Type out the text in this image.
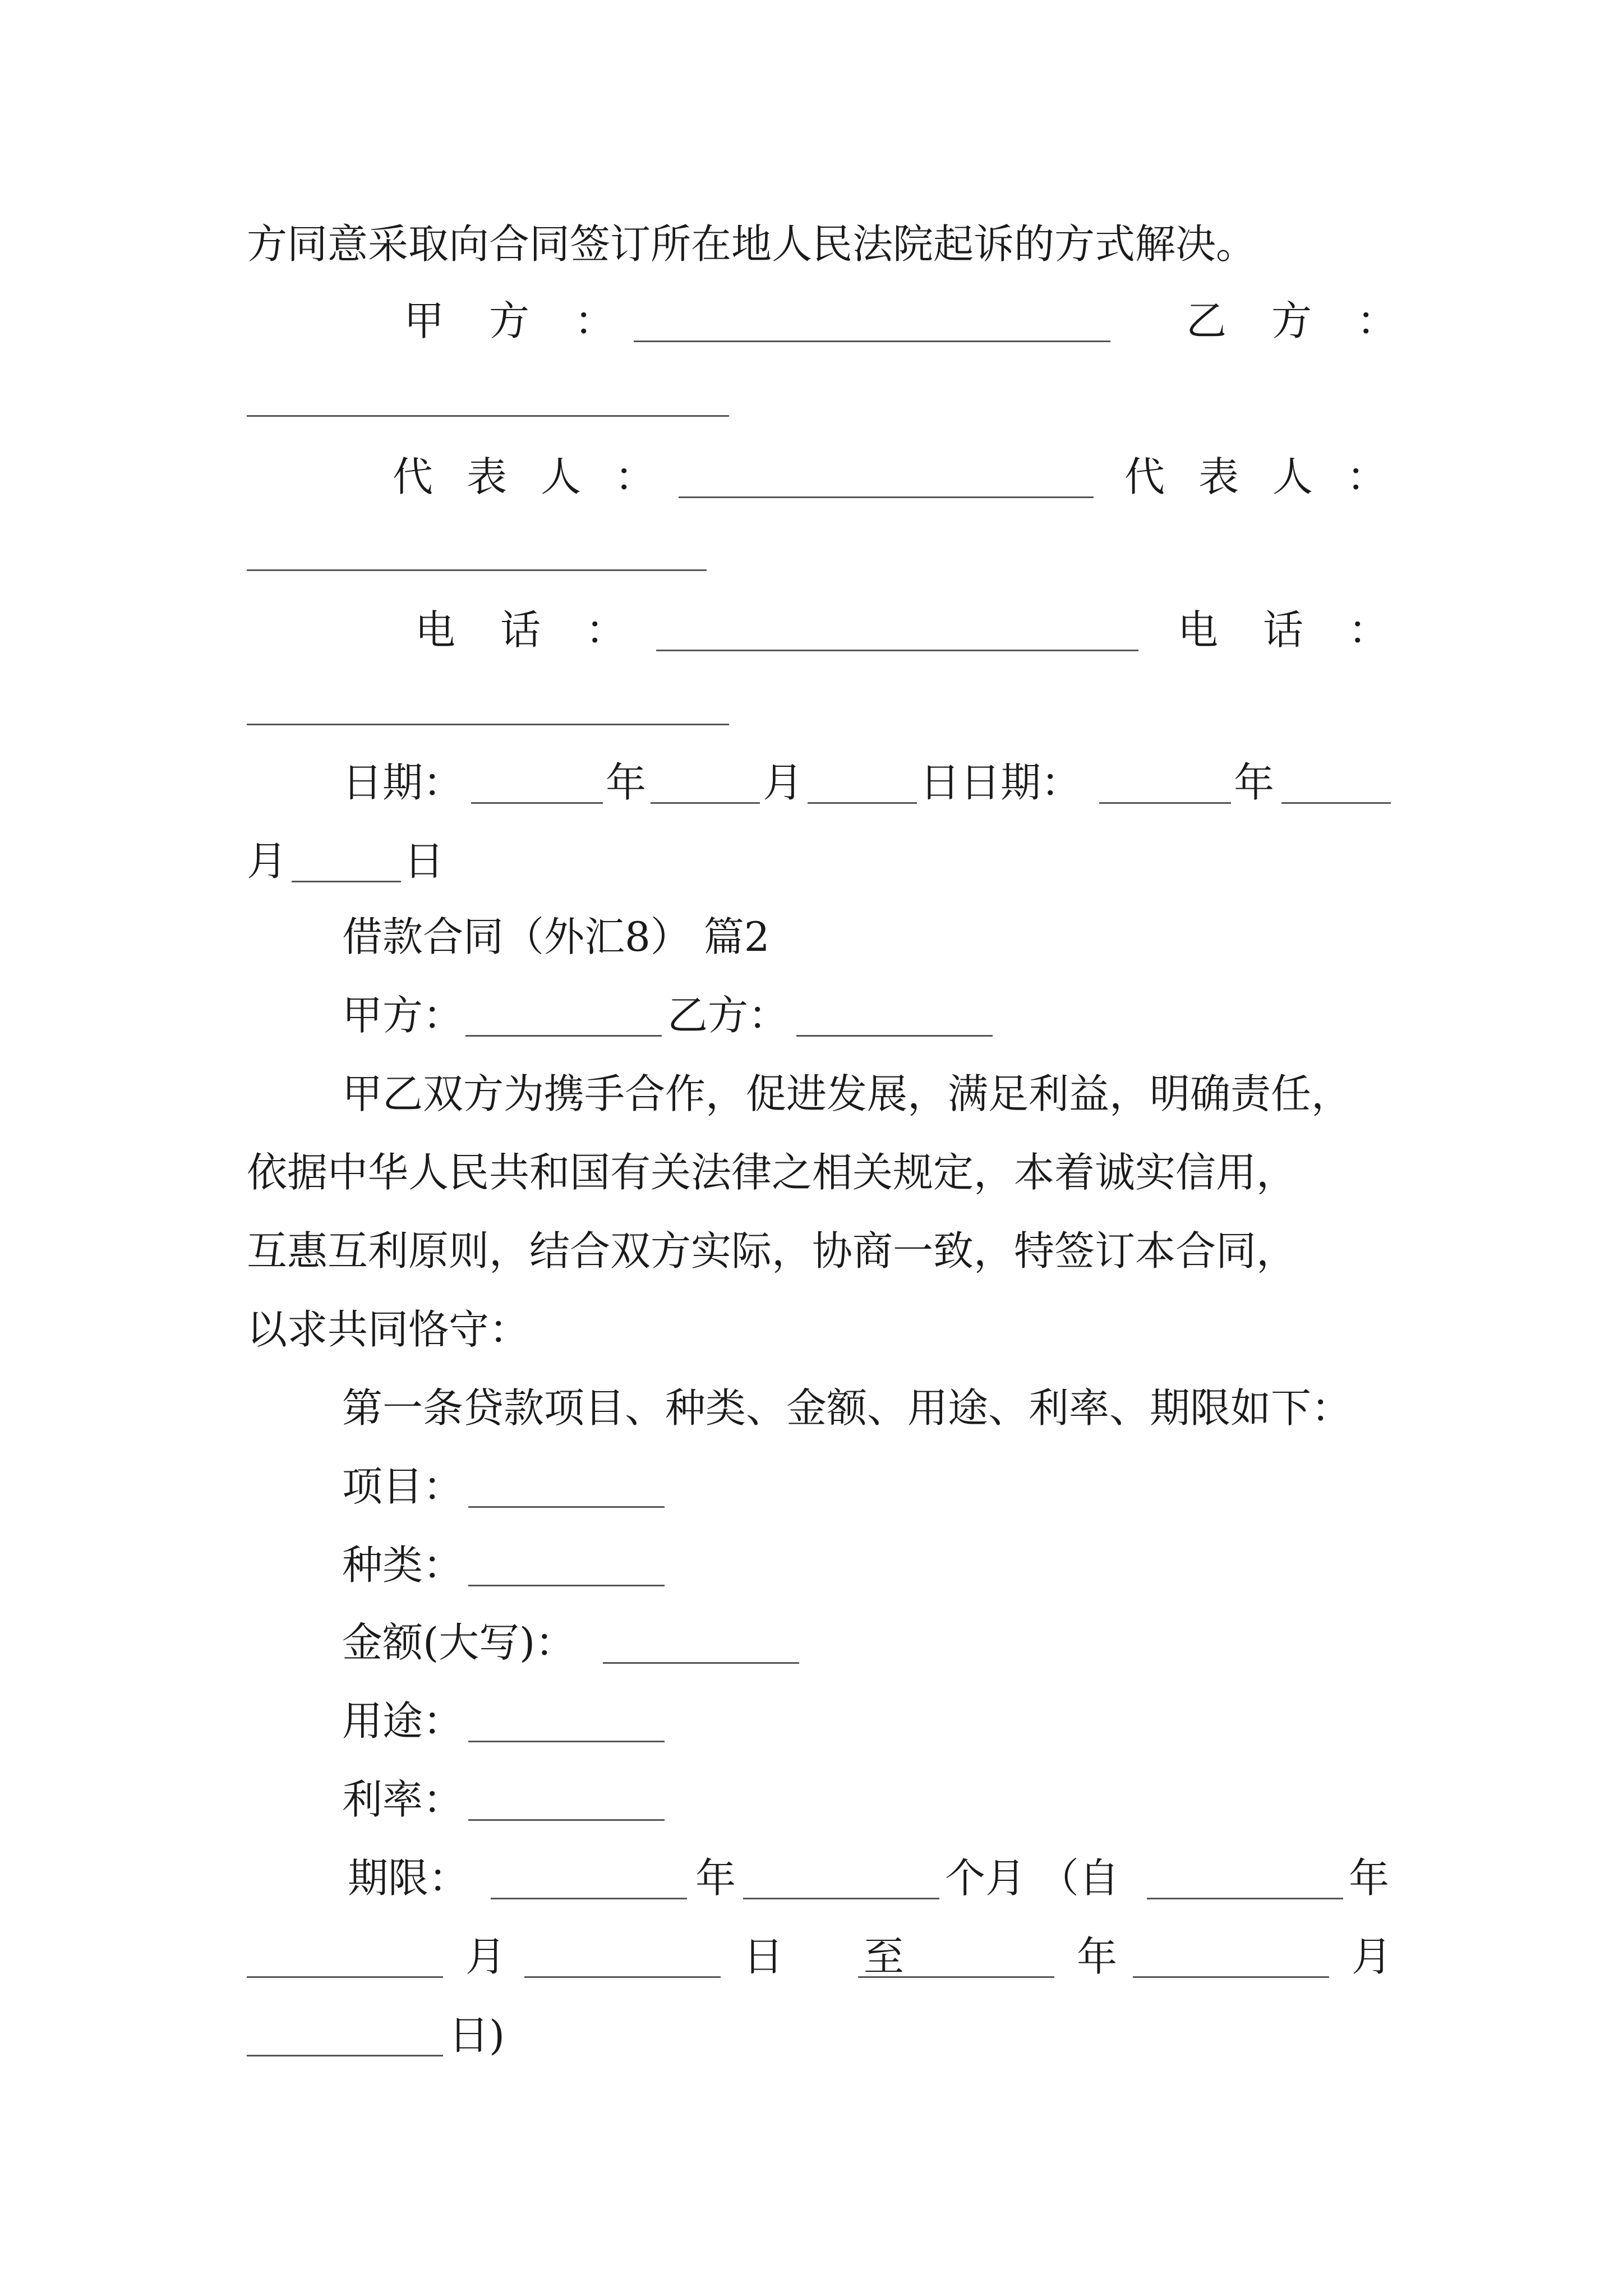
方同意采取向合同签订所在地人民法院起诉的方式解决。
甲方：	乙方：
代表人：	代表人：
电话：	电话：
日期：	年	月	日日期：	年
月	日
借款合同（外汇8） 篇2
甲方：	乙方：
甲乙双方为携手合作，促进发展，满足利益，明确责任，
依据中华人民共和国有关法律之相关规定，本着诚实信用，
互惠互利原则，结合双方实际，协商一致，特签订本合同，
以求共同恪守：
第一条贷款项目、种类、金额、用途、利率、期限如下：
项目：
种类：
金额(大写)：
用途：
利率：
期限：	年	个月 （自	年
月	日 至	年	月
日)
